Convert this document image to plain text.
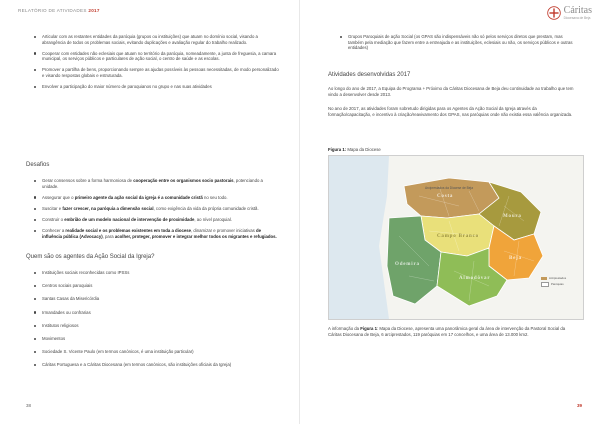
RELATÓRIO DE ATIVIDADES 2017
Articular com as restantes entidades da paróquia (grupos ou instituições) que atuam no domínio social, visando a abrangência de todos os problemas sociais, evitando duplicações e avaliação regular do trabalho realizado.
Cooperar com entidades não eclesiais que atuam no território da paróquia, nomeadamente, a junta de freguesia, a camara municipal, os serviços públicos e particulares de ação social, o centro de saúde e as escolas.
Promover a partilha de bens, proporcionando sempre as ajudas possíveis às pessoas necessitadas, de modo personalizado e visando respostas globais e estruturada.
Envolver a participação do maior número de paroquianos no grupo e nas suas atividades
Desafios
Gerar consensos sobre a forma harmoniosa de cooperação entre os organismos socio pastorais, potenciando a unidade.
Assegurar que o primeiro agente da ação social da igreja é a comunidade cristã no seu todo.
Suscitar e fazer crescer, na paróquia a dimensão social, como exigência da vida da própria comunidade cristã.
Construir o embrião de um modelo nacional de intervenção de proximidade, ao nível paroquial.
Conhecer a realidade social e os problemas existentes em toda a diocese, dinamizar e promover iniciativas de influência pública (Advocacy), para acolher, proteger, promover e integrar melhor todos os migrantes e refugiados.
Quem são os agentes da Ação Social da Igreja?
Instituições sociais reconhecidas como IPSSs
Centros sociais paroquiais
Santas Casas da Misericórdia
Irmandades ou confrarias
Institutos religiosos
Movimentos
Sociedade S. Vicente Paulo (em termos canónicos, é uma instituição particular)
Cáritas Portuguesa e a Cáritas Diocesana (em termos canónicos, são instituições oficiais da Igreja)
38
Cáritas
Diocesana de Beja
Grupos Paroquiais de ação Social (os GPAS são indispensáveis não só pelos serviços diretos que prestam, mas também pela mediação que fazem entre a entreajuda e as instituições, eclesiais ou não, os serviços públicos e outras entidades)
Atividades desenvolvidas 2017

Ao longo do ano de 2017, a Equipa do Programa + Próximo da Cáritas Diocesana de Beja deu continuidade ao trabalho que tem vindo a desenvolver desde 2013.

No ano de 2017, as atividades foram sobretudo dirigidas para os Agentes da Ação Social da Igreja através da formação/capacitação, e incentivo à criação/reavivamento dos GPAS, nas paróquias onde não existia essa valência organizada.

Figura 1: Mapa da Diocese
Arciprestados da Diocese de Beja
Costa
Moura
Odemira
Almodôvar
Beja
Campo Branco
Arciprestados
Paróquias

A informação da Figura 1: Mapa da Diocese, apresenta uma panorâmica geral da área de intervenção da Pastoral Social da Cáritas Diocesana de Beja, 6 arciprestados, 119 paróquias em 17 concelhos, e uma área de 13.000 km2.

39
